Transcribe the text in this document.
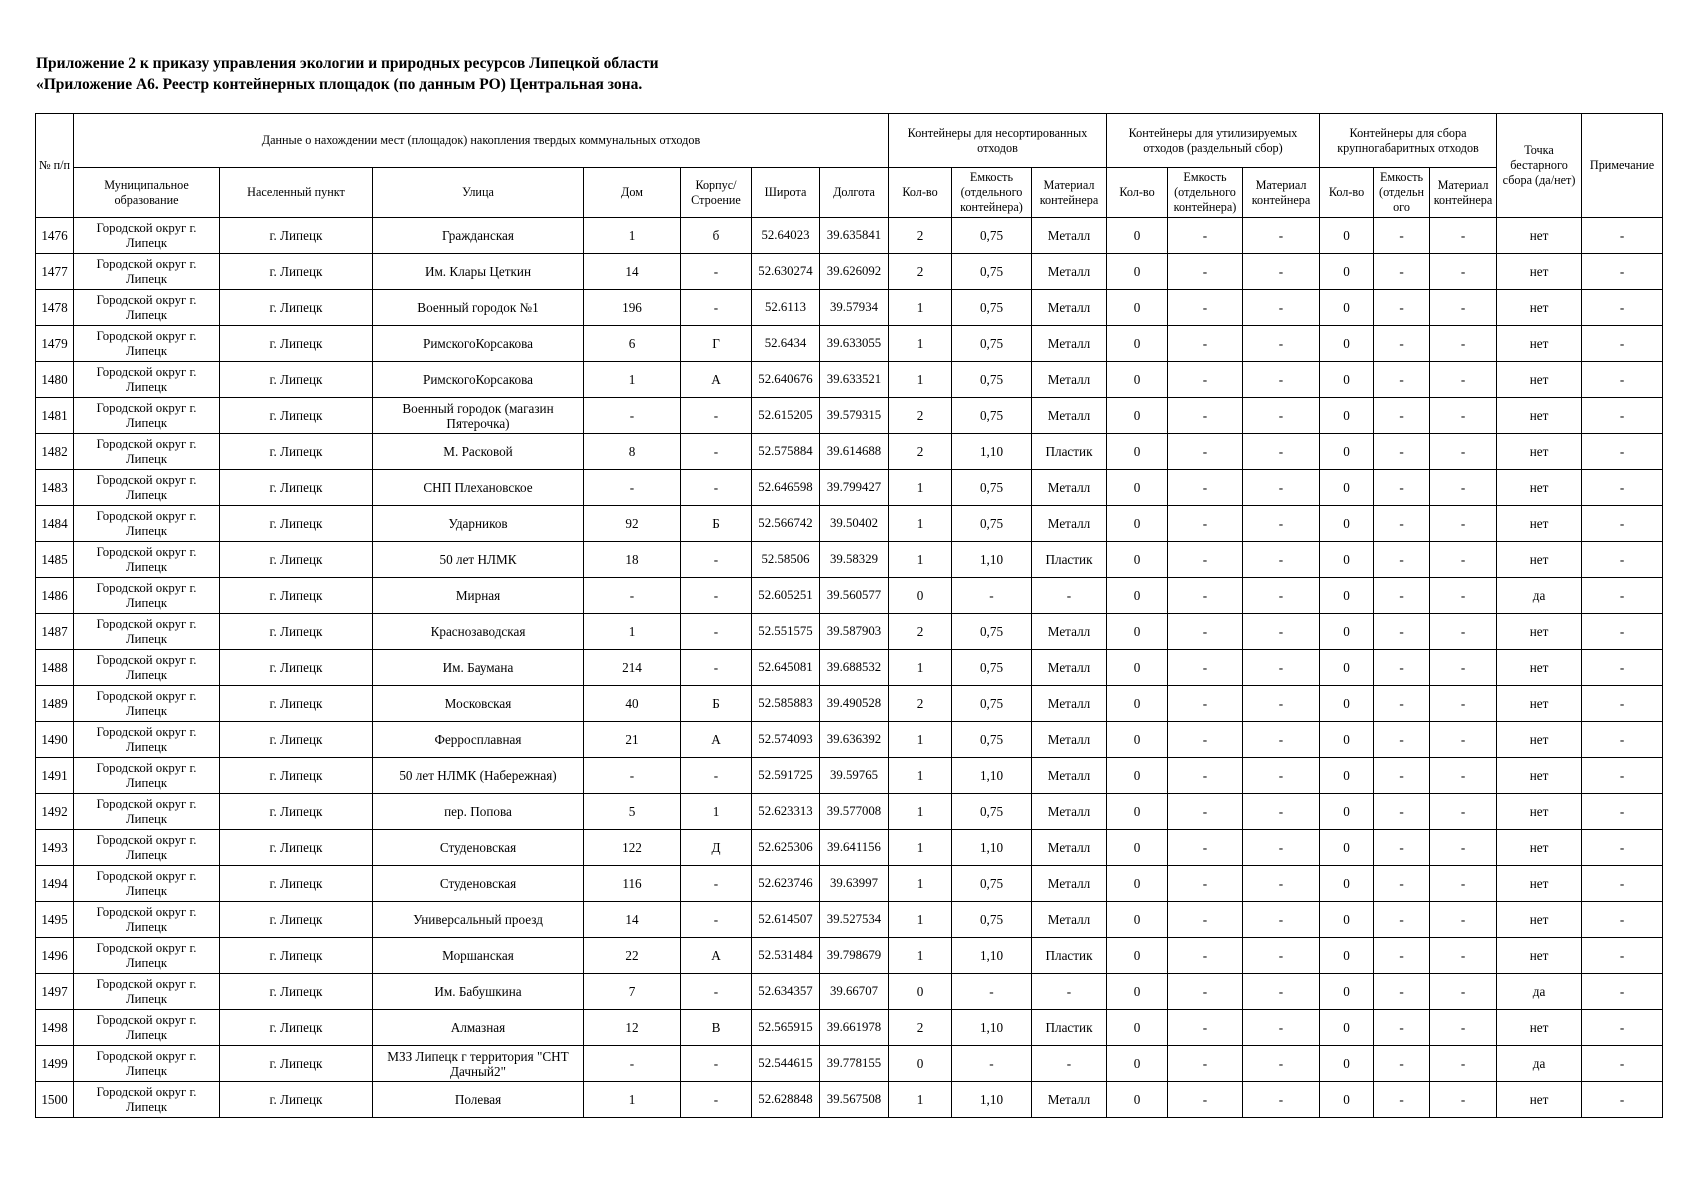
Приложение 2 к приказу управления экологии и природных ресурсов Липецкой области
«Приложение А6. Реестр контейнерных площадок (по данным РО) Центральная зона.
№ п/п	Данные о нахождении мест (площадок) накопления твердых коммунальных отходов							Контейнеры для несортированных отходов			Контейнеры для утилизируемых отходов (раздельный сбор)			Контейнеры для сбора крупногабаритных отходов			Точка бестарного сбора (да/нет)	Примечание
	Муниципальное образование	Населенный пункт	Улица	Дом	Корпус/ Строение	Широта	Долгота	Кол-во	Емкость (отдельного контейнера)	Материал контейнера	Кол-во	Емкость (отдельного контейнера)	Материал контейнера	Кол-во	Емкость (отдельн ого	Материал контейнера		
1476	Городской округ г. Липецк	г. Липецк	Гражданская	1	б	52.64023	39.635841	2	0,75	Металл	0	-	-	0	-	-	нет	-
1477	Городской округ г. Липецк	г. Липецк	Им. Клары Цеткин	14	-	52.630274	39.626092	2	0,75	Металл	0	-	-	0	-	-	нет	-
1478	Городской округ г. Липецк	г. Липецк	Военный городок №1	196	-	52.6113	39.57934	1	0,75	Металл	0	-	-	0	-	-	нет	-
1479	Городской округ г. Липецк	г. Липецк	РимскогоКорсакова	6	Г	52.6434	39.633055	1	0,75	Металл	0	-	-	0	-	-	нет	-
1480	Городской округ г. Липецк	г. Липецк	РимскогоКорсакова	1	А	52.640676	39.633521	1	0,75	Металл	0	-	-	0	-	-	нет	-
1481	Городской округ г. Липецк	г. Липецк	Военный городок (магазин Пятерочка)	-	-	52.615205	39.579315	2	0,75	Металл	0	-	-	0	-	-	нет	-
1482	Городской округ г. Липецк	г. Липецк	М. Расковой	8	-	52.575884	39.614688	2	1,10	Пластик	0	-	-	0	-	-	нет	-
1483	Городской округ г. Липецк	г. Липецк	СНП Плехановское	-	-	52.646598	39.799427	1	0,75	Металл	0	-	-	0	-	-	нет	-
1484	Городской округ г. Липецк	г. Липецк	Ударников	92	Б	52.566742	39.50402	1	0,75	Металл	0	-	-	0	-	-	нет	-
1485	Городской округ г. Липецк	г. Липецк	50 лет НЛМК	18	-	52.58506	39.58329	1	1,10	Пластик	0	-	-	0	-	-	нет	-
1486	Городской округ г. Липецк	г. Липецк	Мирная	-	-	52.605251	39.560577	0	-	-	0	-	-	0	-	-	да	-
1487	Городской округ г. Липецк	г. Липецк	Краснозаводская	1	-	52.551575	39.587903	2	0,75	Металл	0	-	-	0	-	-	нет	-
1488	Городской округ г. Липецк	г. Липецк	Им. Баумана	214	-	52.645081	39.688532	1	0,75	Металл	0	-	-	0	-	-	нет	-
1489	Городской округ г. Липецк	г. Липецк	Московская	40	Б	52.585883	39.490528	2	0,75	Металл	0	-	-	0	-	-	нет	-
1490	Городской округ г. Липецк	г. Липецк	Ферросплавная	21	А	52.574093	39.636392	1	0,75	Металл	0	-	-	0	-	-	нет	-
1491	Городской округ г. Липецк	г. Липецк	50 лет НЛМК (Набережная)	-	-	52.591725	39.59765	1	1,10	Металл	0	-	-	0	-	-	нет	-
1492	Городской округ г. Липецк	г. Липецк	пер. Попова	5	1	52.623313	39.577008	1	0,75	Металл	0	-	-	0	-	-	нет	-
1493	Городской округ г. Липецк	г. Липецк	Студеновская	122	Д	52.625306	39.641156	1	1,10	Металл	0	-	-	0	-	-	нет	-
1494	Городской округ г. Липецк	г. Липецк	Студеновская	116	-	52.623746	39.63997	1	0,75	Металл	0	-	-	0	-	-	нет	-
1495	Городской округ г. Липецк	г. Липецк	Универсальный проезд	14	-	52.614507	39.527534	1	0,75	Металл	0	-	-	0	-	-	нет	-
1496	Городской округ г. Липецк	г. Липецк	Моршанская	22	А	52.531484	39.798679	1	1,10	Пластик	0	-	-	0	-	-	нет	-
1497	Городской округ г. Липецк	г. Липецк	Им. Бабушкина	7	-	52.634357	39.66707	0	-	-	0	-	-	0	-	-	да	-
1498	Городской округ г. Липецк	г. Липецк	Алмазная	12	В	52.565915	39.661978	2	1,10	Пластик	0	-	-	0	-	-	нет	-
1499	Городской округ г. Липецк	г. Липецк	МЗЗ Липецк г территория "СНТ Дачный2"	-	-	52.544615	39.778155	0	-	-	0	-	-	0	-	-	да	-
1500	Городской округ г. Липецк	г. Липецк	Полевая	1	-	52.628848	39.567508	1	1,10	Металл	0	-	-	0	-	-	нет	-
